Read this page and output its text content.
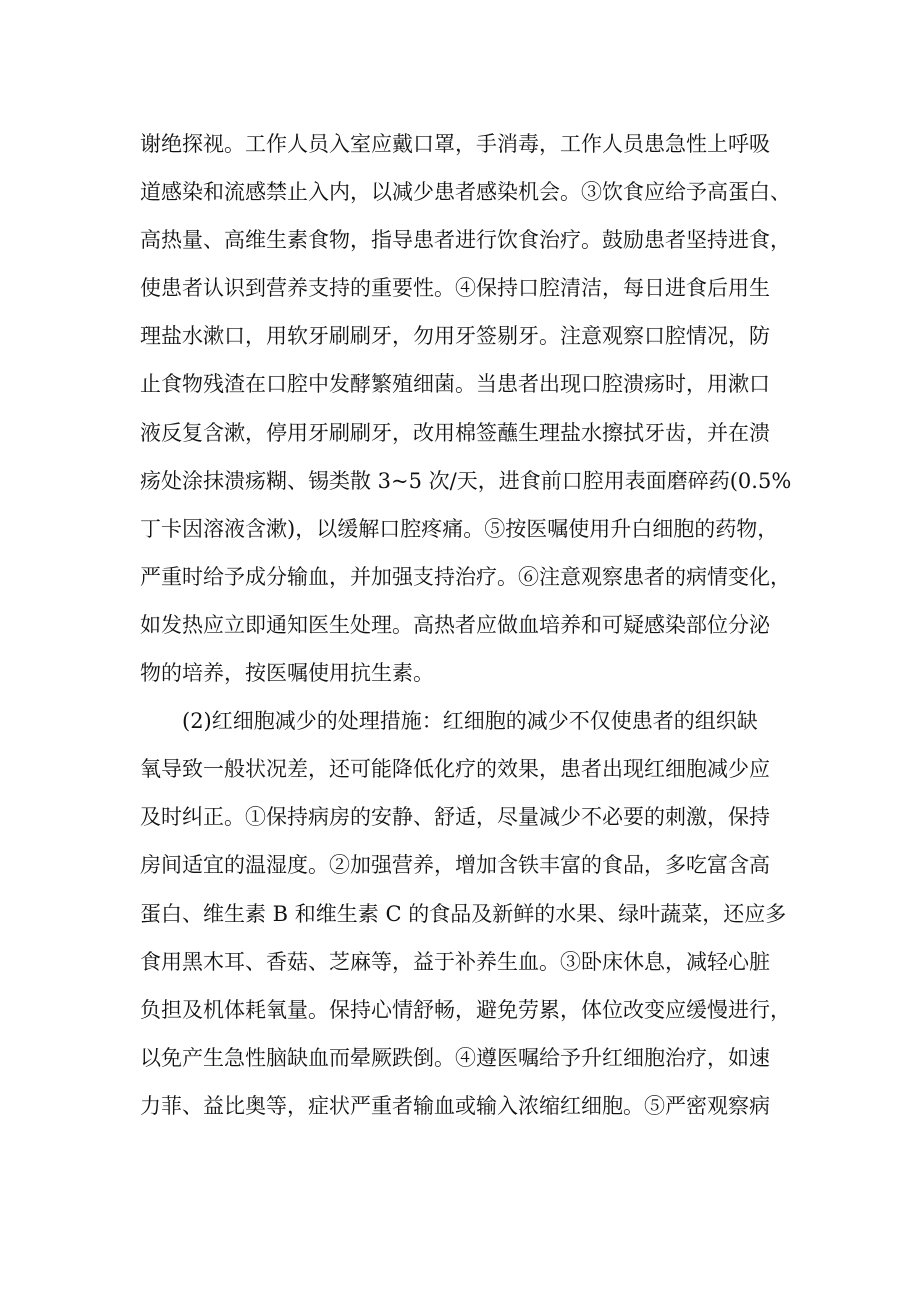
谢绝探视。工作人员入室应戴口罩，手消毒，工作人员患急性上呼吸
道感染和流感禁止入内，以减少患者感染机会。③饮食应给予高蛋白、
高热量、高维生素食物，指导患者进行饮食治疗。鼓励患者坚持进食，
使患者认识到营养支持的重要性。④保持口腔清洁，每日进食后用生
理盐水漱口，用软牙刷刷牙，勿用牙签剔牙。注意观察口腔情况，防
止食物残渣在口腔中发酵繁殖细菌。当患者出现口腔溃疡时，用漱口
液反复含漱，停用牙刷刷牙，改用棉签蘸生理盐水擦拭牙齿，并在溃
疡处涂抹溃疡糊、锡类散 3~5 次/天，进食前口腔用表面磨碎药(0.5%
丁卡因溶液含漱)，以缓解口腔疼痛。⑤按医嘱使用升白细胞的药物，
严重时给予成分输血，并加强支持治疗。⑥注意观察患者的病情变化，
如发热应立即通知医生处理。高热者应做血培养和可疑感染部位分泌
物的培养，按医嘱使用抗生素。
(2)红细胞减少的处理措施：红细胞的减少不仅使患者的组织缺
氧导致一般状况差，还可能降低化疗的效果，患者出现红细胞减少应
及时纠正。①保持病房的安静、舒适，尽量减少不必要的刺激，保持
房间适宜的温湿度。②加强营养，增加含铁丰富的食品，多吃富含高
蛋白、维生素 B 和维生素 C 的食品及新鲜的水果、绿叶蔬菜，还应多
食用黑木耳、香菇、芝麻等，益于补养生血。③卧床休息，减轻心脏
负担及机体耗氧量。保持心情舒畅，避免劳累，体位改变应缓慢进行，
以免产生急性脑缺血而晕厥跌倒。④遵医嘱给予升红细胞治疗，如速
力菲、益比奥等，症状严重者输血或输入浓缩红细胞。⑤严密观察病
